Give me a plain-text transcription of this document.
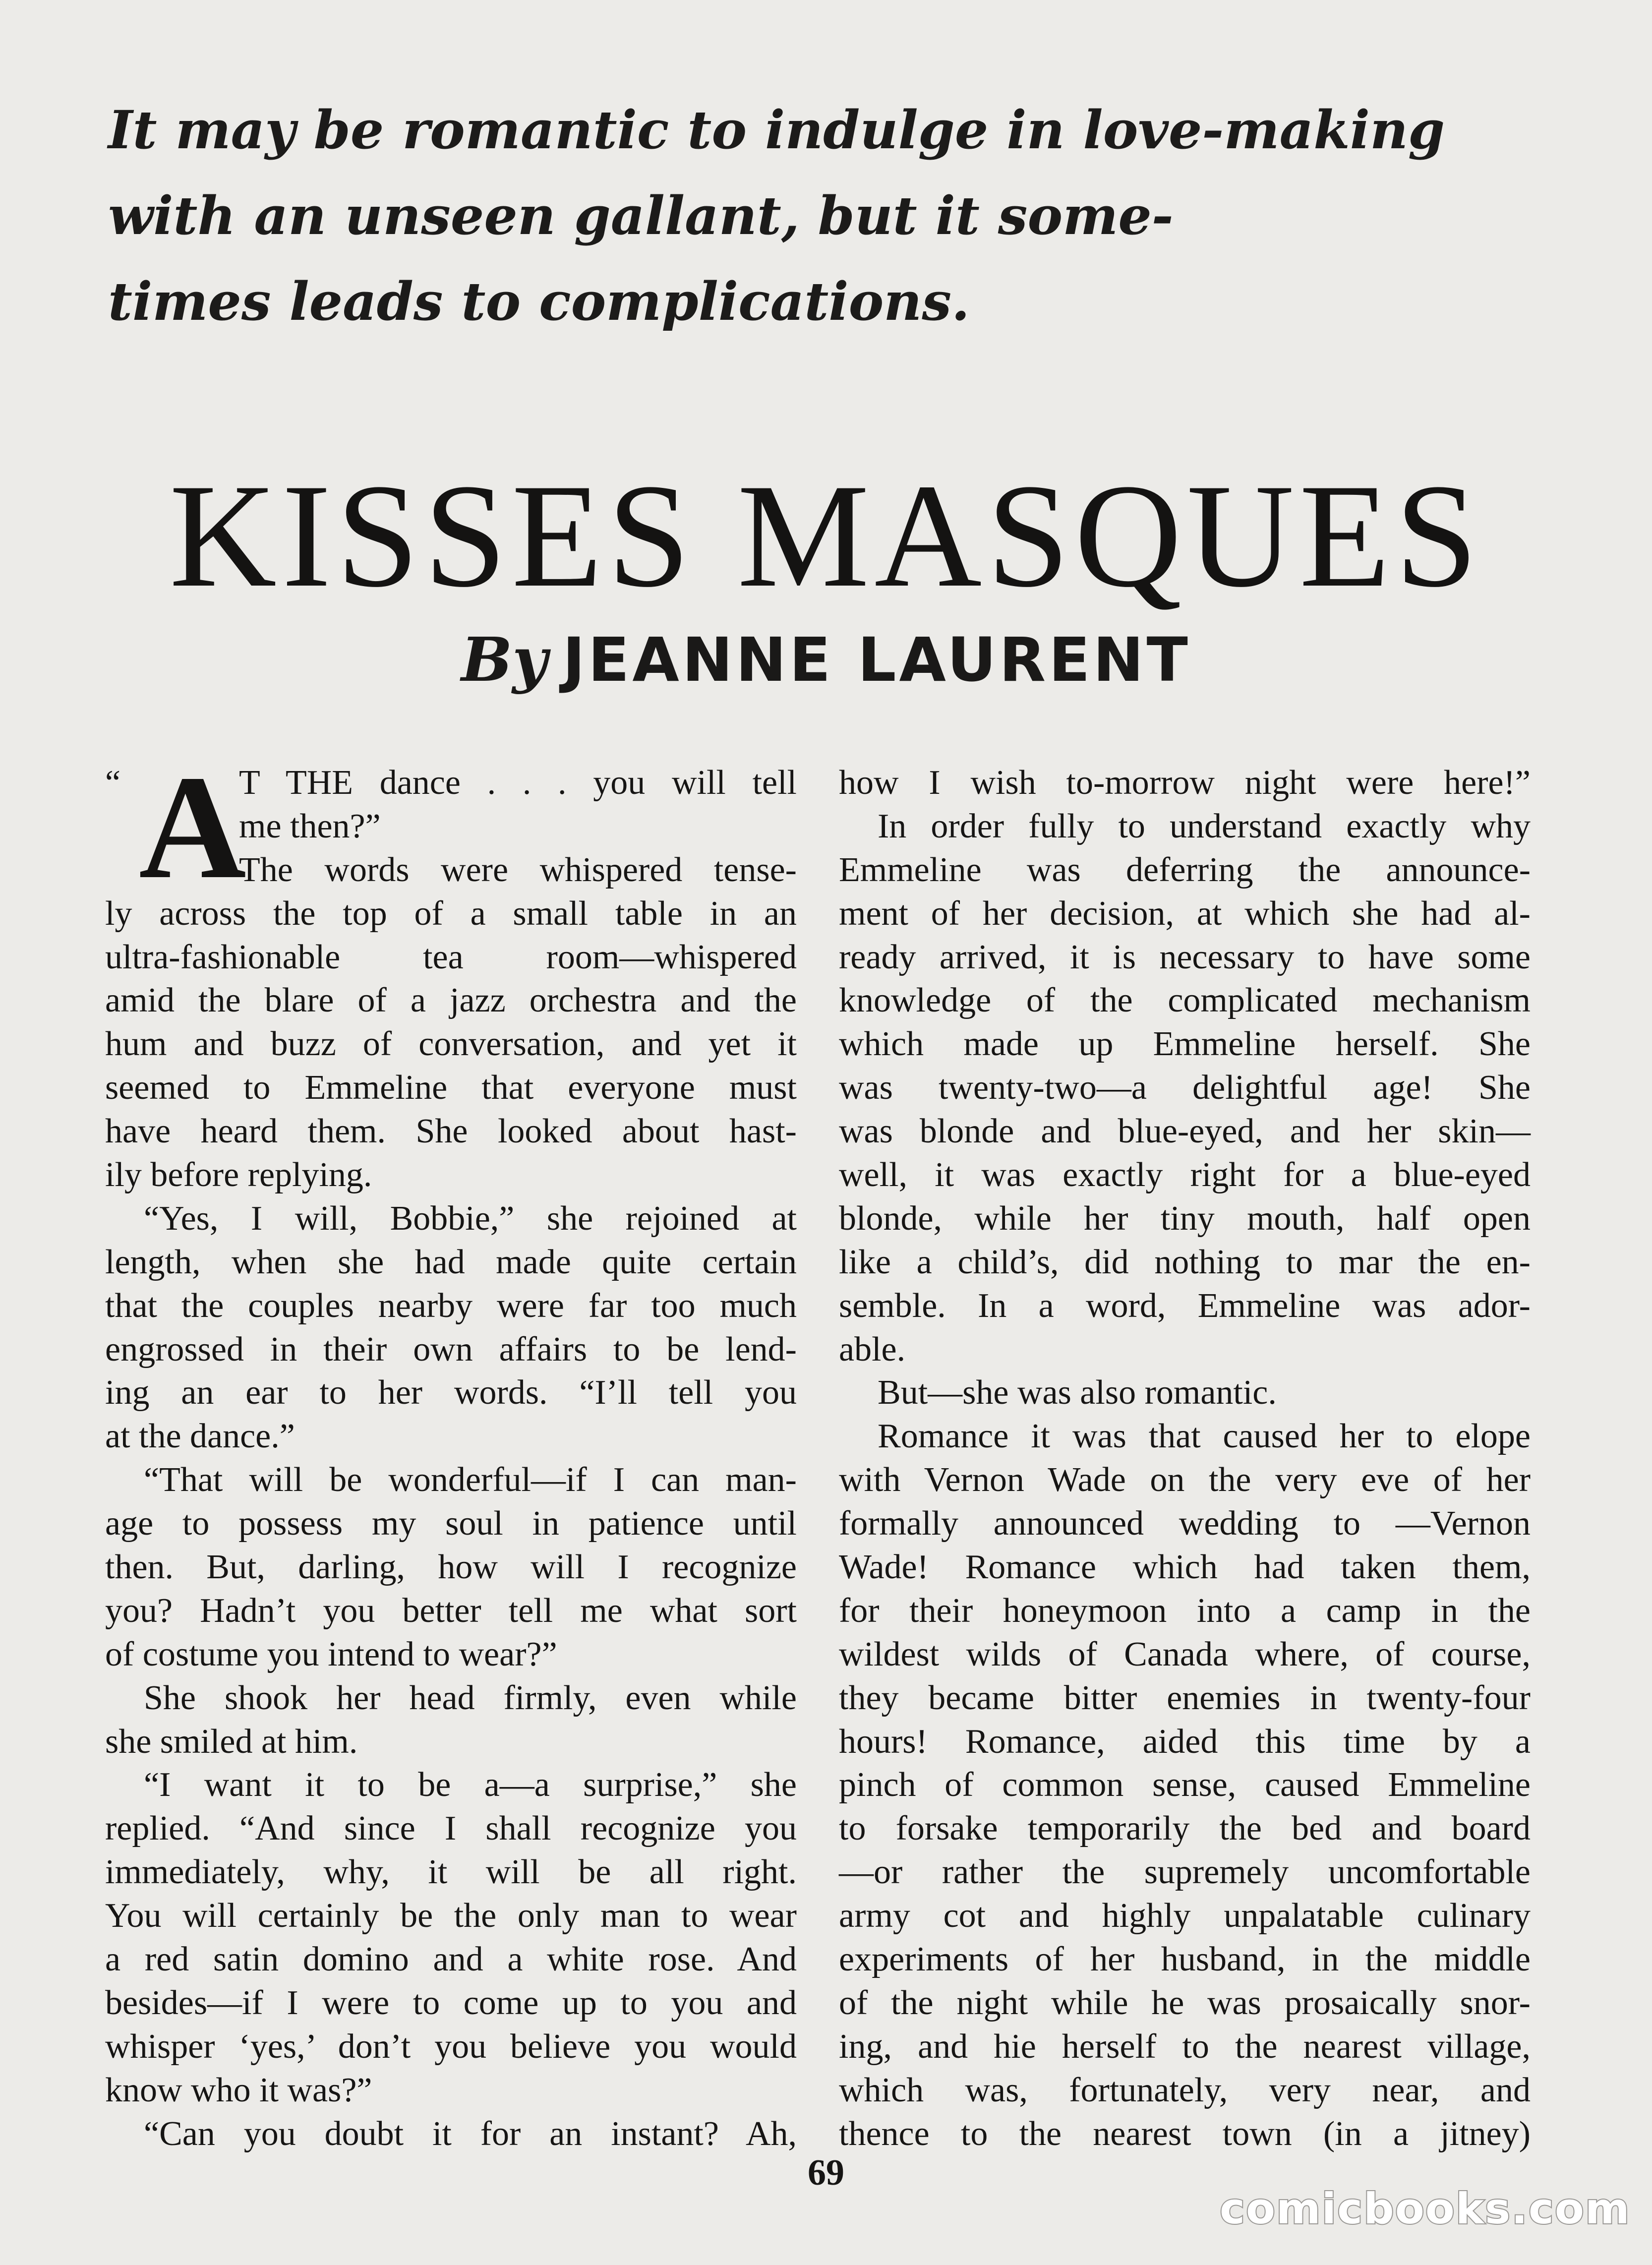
It may be romantic to indulge in love-making
with an unseen gallant, but it some-
times leads to complications.
KISSES MASQUES
By JEANNE LAURENT
“ A
T THE dance . . . you will tell
me then?”
The words were whispered tense-
ly across the top of a small table in an
ultra-fashionable tea room—whispered
amid the blare of a jazz orchestra and the
hum and buzz of conversation, and yet it
seemed to Emmeline that everyone must
have heard them. She looked about hast-
ily before replying.
“Yes, I will, Bobbie,” she rejoined at
length, when she had made quite certain
that the couples nearby were far too much
engrossed in their own affairs to be lend-
ing an ear to her words. “I’ll tell you
at the dance.”
“That will be wonderful—if I can man-
age to possess my soul in patience until
then. But, darling, how will I recognize
you? Hadn’t you better tell me what sort
of costume you intend to wear?”
She shook her head firmly, even while
she smiled at him.
“I want it to be a—a surprise,” she
replied. “And since I shall recognize you
immediately, why, it will be all right.
You will certainly be the only man to wear
a red satin domino and a white rose. And
besides—if I were to come up to you and
whisper ‘yes,’ don’t you believe you would
know who it was?”
“Can you doubt it for an instant? Ah,
how I wish to-morrow night were here!”
In order fully to understand exactly why
Emmeline was deferring the announce-
ment of her decision, at which she had al-
ready arrived, it is necessary to have some
knowledge of the complicated mechanism
which made up Emmeline herself. She
was twenty-two—a delightful age! She
was blonde and blue-eyed, and her skin—
well, it was exactly right for a blue-eyed
blonde, while her tiny mouth, half open
like a child’s, did nothing to mar the en-
semble. In a word, Emmeline was ador-
able.
But—she was also romantic.
Romance it was that caused her to elope
with Vernon Wade on the very eve of her
formally announced wedding to —Vernon
Wade! Romance which had taken them,
for their honeymoon into a camp in the
wildest wilds of Canada where, of course,
they became bitter enemies in twenty-four
hours! Romance, aided this time by a
pinch of common sense, caused Emmeline
to forsake temporarily the bed and board
—or rather the supremely uncomfortable
army cot and highly unpalatable culinary
experiments of her husband, in the middle
of the night while he was prosaically snor-
ing, and hie herself to the nearest village,
which was, fortunately, very near, and
thence to the nearest town (in a jitney)
69
comicbooks.com
